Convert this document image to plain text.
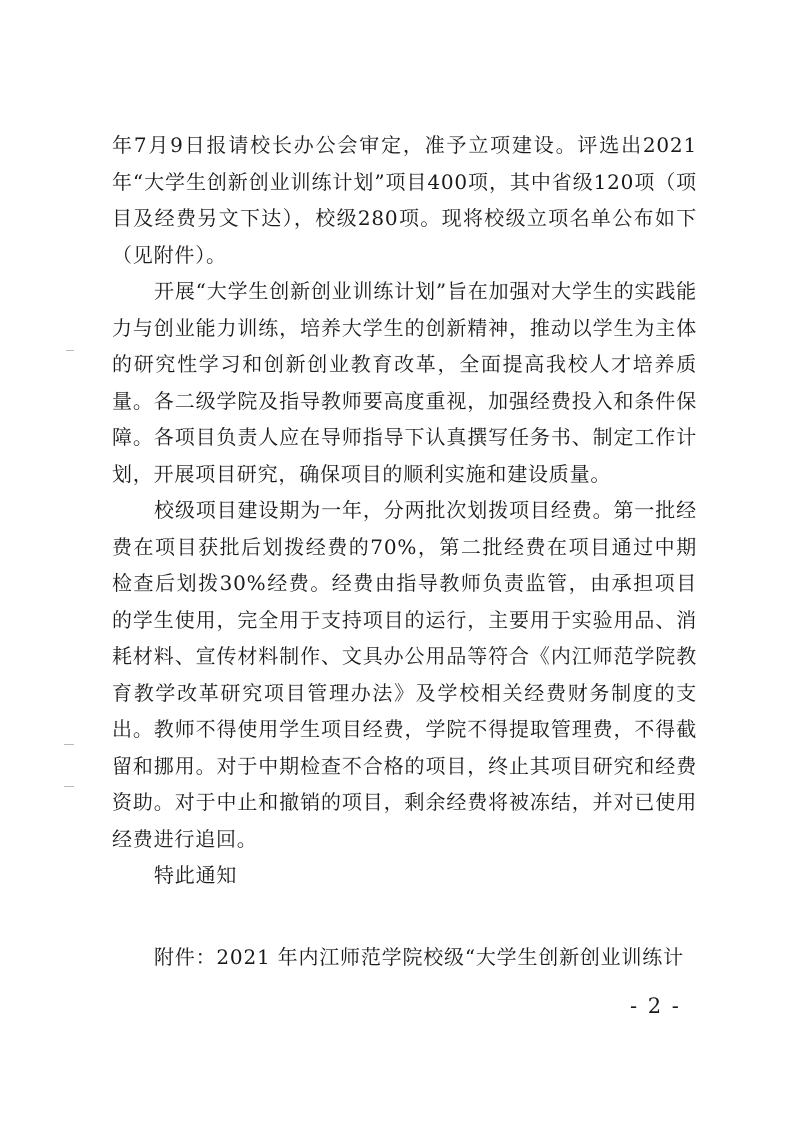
年7月9日报请校长办公会审定，准予立项建设。评选出2021年“大学生创新创业训练计划”项目400项，其中省级120项（项目及经费另文下达），校级280项。现将校级立项名单公布如下（见附件）。

开展“大学生创新创业训练计划”旨在加强对大学生的实践能力与创业能力训练，培养大学生的创新精神，推动以学生为主体的研究性学习和创新创业教育改革，全面提高我校人才培养质量。各二级学院及指导教师要高度重视，加强经费投入和条件保障。各项目负责人应在导师指导下认真撰写任务书、制定工作计划，开展项目研究，确保项目的顺利实施和建设质量。

校级项目建设期为一年，分两批次划拨项目经费。第一批经费在项目获批后划拨经费的70%，第二批经费在项目通过中期检查后划拨30%经费。经费由指导教师负责监管，由承担项目的学生使用，完全用于支持项目的运行，主要用于实验用品、消耗材料、宣传材料制作、文具办公用品等符合《内江师范学院教育教学改革研究项目管理办法》及学校相关经费财务制度的支出。教师不得使用学生项目经费，学院不得提取管理费，不得截留和挪用。对于中期检查不合格的项目，终止其项目研究和经费资助。对于中止和撤销的项目，剩余经费将被冻结，并对已使用经费进行追回。

特此通知

附件：2021 年内江师范学院校级“大学生创新创业训练计
- 2 -
